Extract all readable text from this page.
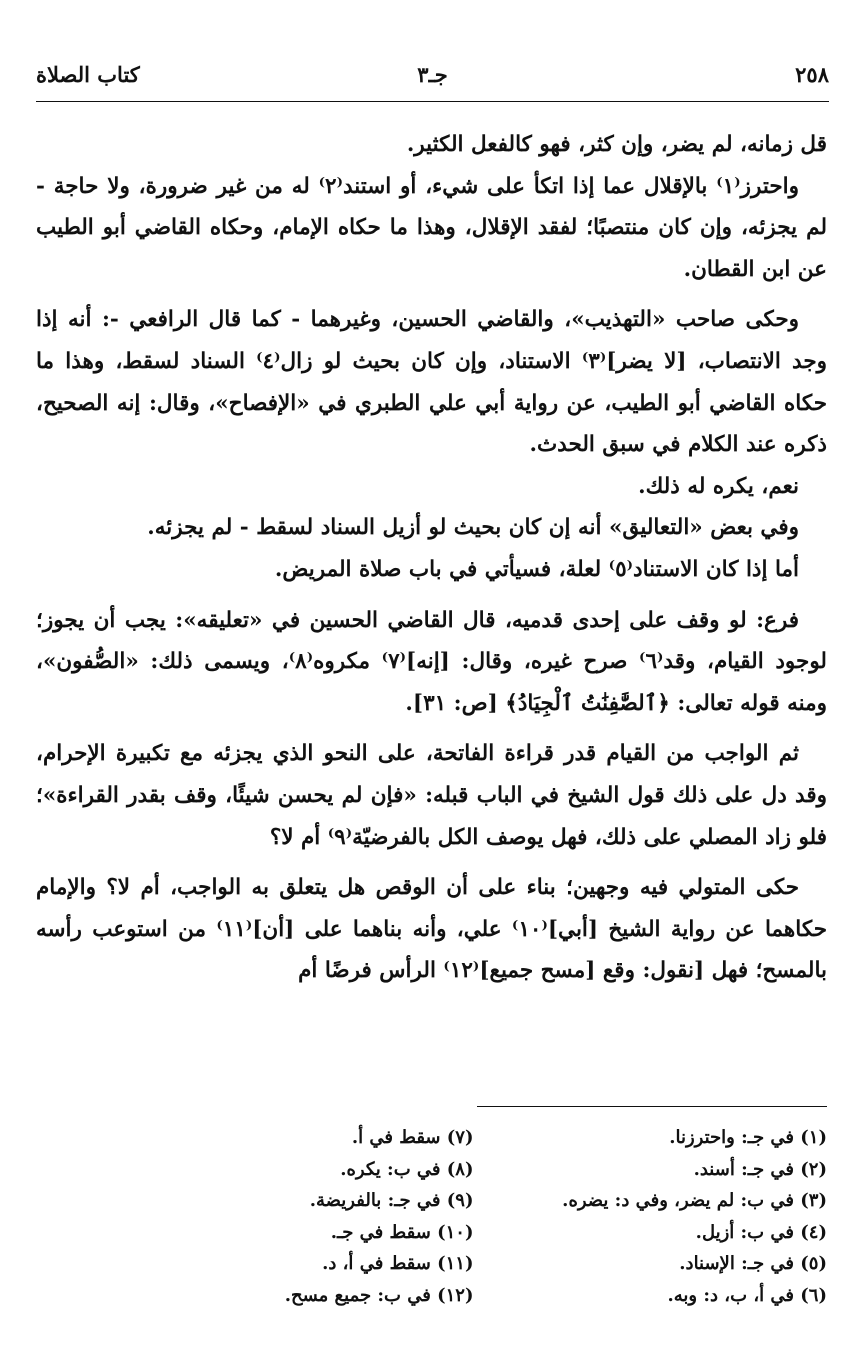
٢٥٨
جـ٣
كتاب الصلاة

قل زمانه، لم يضر، وإن كثر، فهو كالفعل الكثير.

واحترز⁽١⁾ بالإقلال عما إذا اتكأ على شيء، أو استند⁽٢⁾ له من غير ضرورة، ولا حاجة - لم يجزئه، وإن كان منتصبًا؛ لفقد الإقلال، وهذا ما حكاه الإمام، وحكاه القاضي أبو الطيب عن ابن القطان.

وحكى صاحب «التهذيب»، والقاضي الحسين، وغيرهما - كما قال الرافعي -: أنه إذا وجد الانتصاب، [لا يضر]⁽٣⁾ الاستناد، وإن كان بحيث لو زال⁽٤⁾ السناد لسقط، وهذا ما حكاه القاضي أبو الطيب، عن رواية أبي علي الطبري في «الإفصاح»، وقال: إنه الصحيح، ذكره عند الكلام في سبق الحدث.

نعم، يكره له ذلك.

وفي بعض «التعاليق» أنه إن كان بحيث لو أزيل السناد لسقط - لم يجزئه.

أما إذا كان الاستناد⁽٥⁾ لعلة، فسيأتي في باب صلاة المريض.

فرع: لو وقف على إحدى قدميه، قال القاضي الحسين في «تعليقه»: يجب أن يجوز؛ لوجود القيام، وقد⁽٦⁾ صرح غيره، وقال: [إنه]⁽٧⁾ مكروه⁽٨⁾، ويسمى ذلك: «الصُّفون»، ومنه قوله تعالى: ﴿ٱلصَّٰفِنَٰتُ ٱلْجِيَادُ﴾ [ص: ٣١].

ثم الواجب من القيام قدر قراءة الفاتحة، على النحو الذي يجزئه مع تكبيرة الإحرام، وقد دل على ذلك قول الشيخ في الباب قبله: «فإن لم يحسن شيئًا، وقف بقدر القراءة»؛ فلو زاد المصلي على ذلك، فهل يوصف الكل بالفرضيّة⁽٩⁾ أم لا؟

حكى المتولي فيه وجهين؛ بناء على أن الوقص هل يتعلق به الواجب، أم لا؟ والإمام حكاهما عن رواية الشيخ [أبي]⁽١٠⁾ علي، وأنه بناهما على [أن]⁽١١⁾ من استوعب رأسه بالمسح؛ فهل [نقول: وقع [مسح جميع]⁽١٢⁾ الرأس فرضًا أم

(١) في جـ: واحترزنا.
(٢) في جـ: أسند.
(٣) في ب: لم يضر، وفي د: يضره.
(٤) في ب: أزيل.
(٥) في جـ: الإسناد.
(٦) في أ، ب، د: وبه.
(٧) سقط في أ.
(٨) في ب: يكره.
(٩) في جـ: بالفريضة.
(١٠) سقط في جـ.
(١١) سقط في أ، د.
(١٢) في ب: جميع مسح.
